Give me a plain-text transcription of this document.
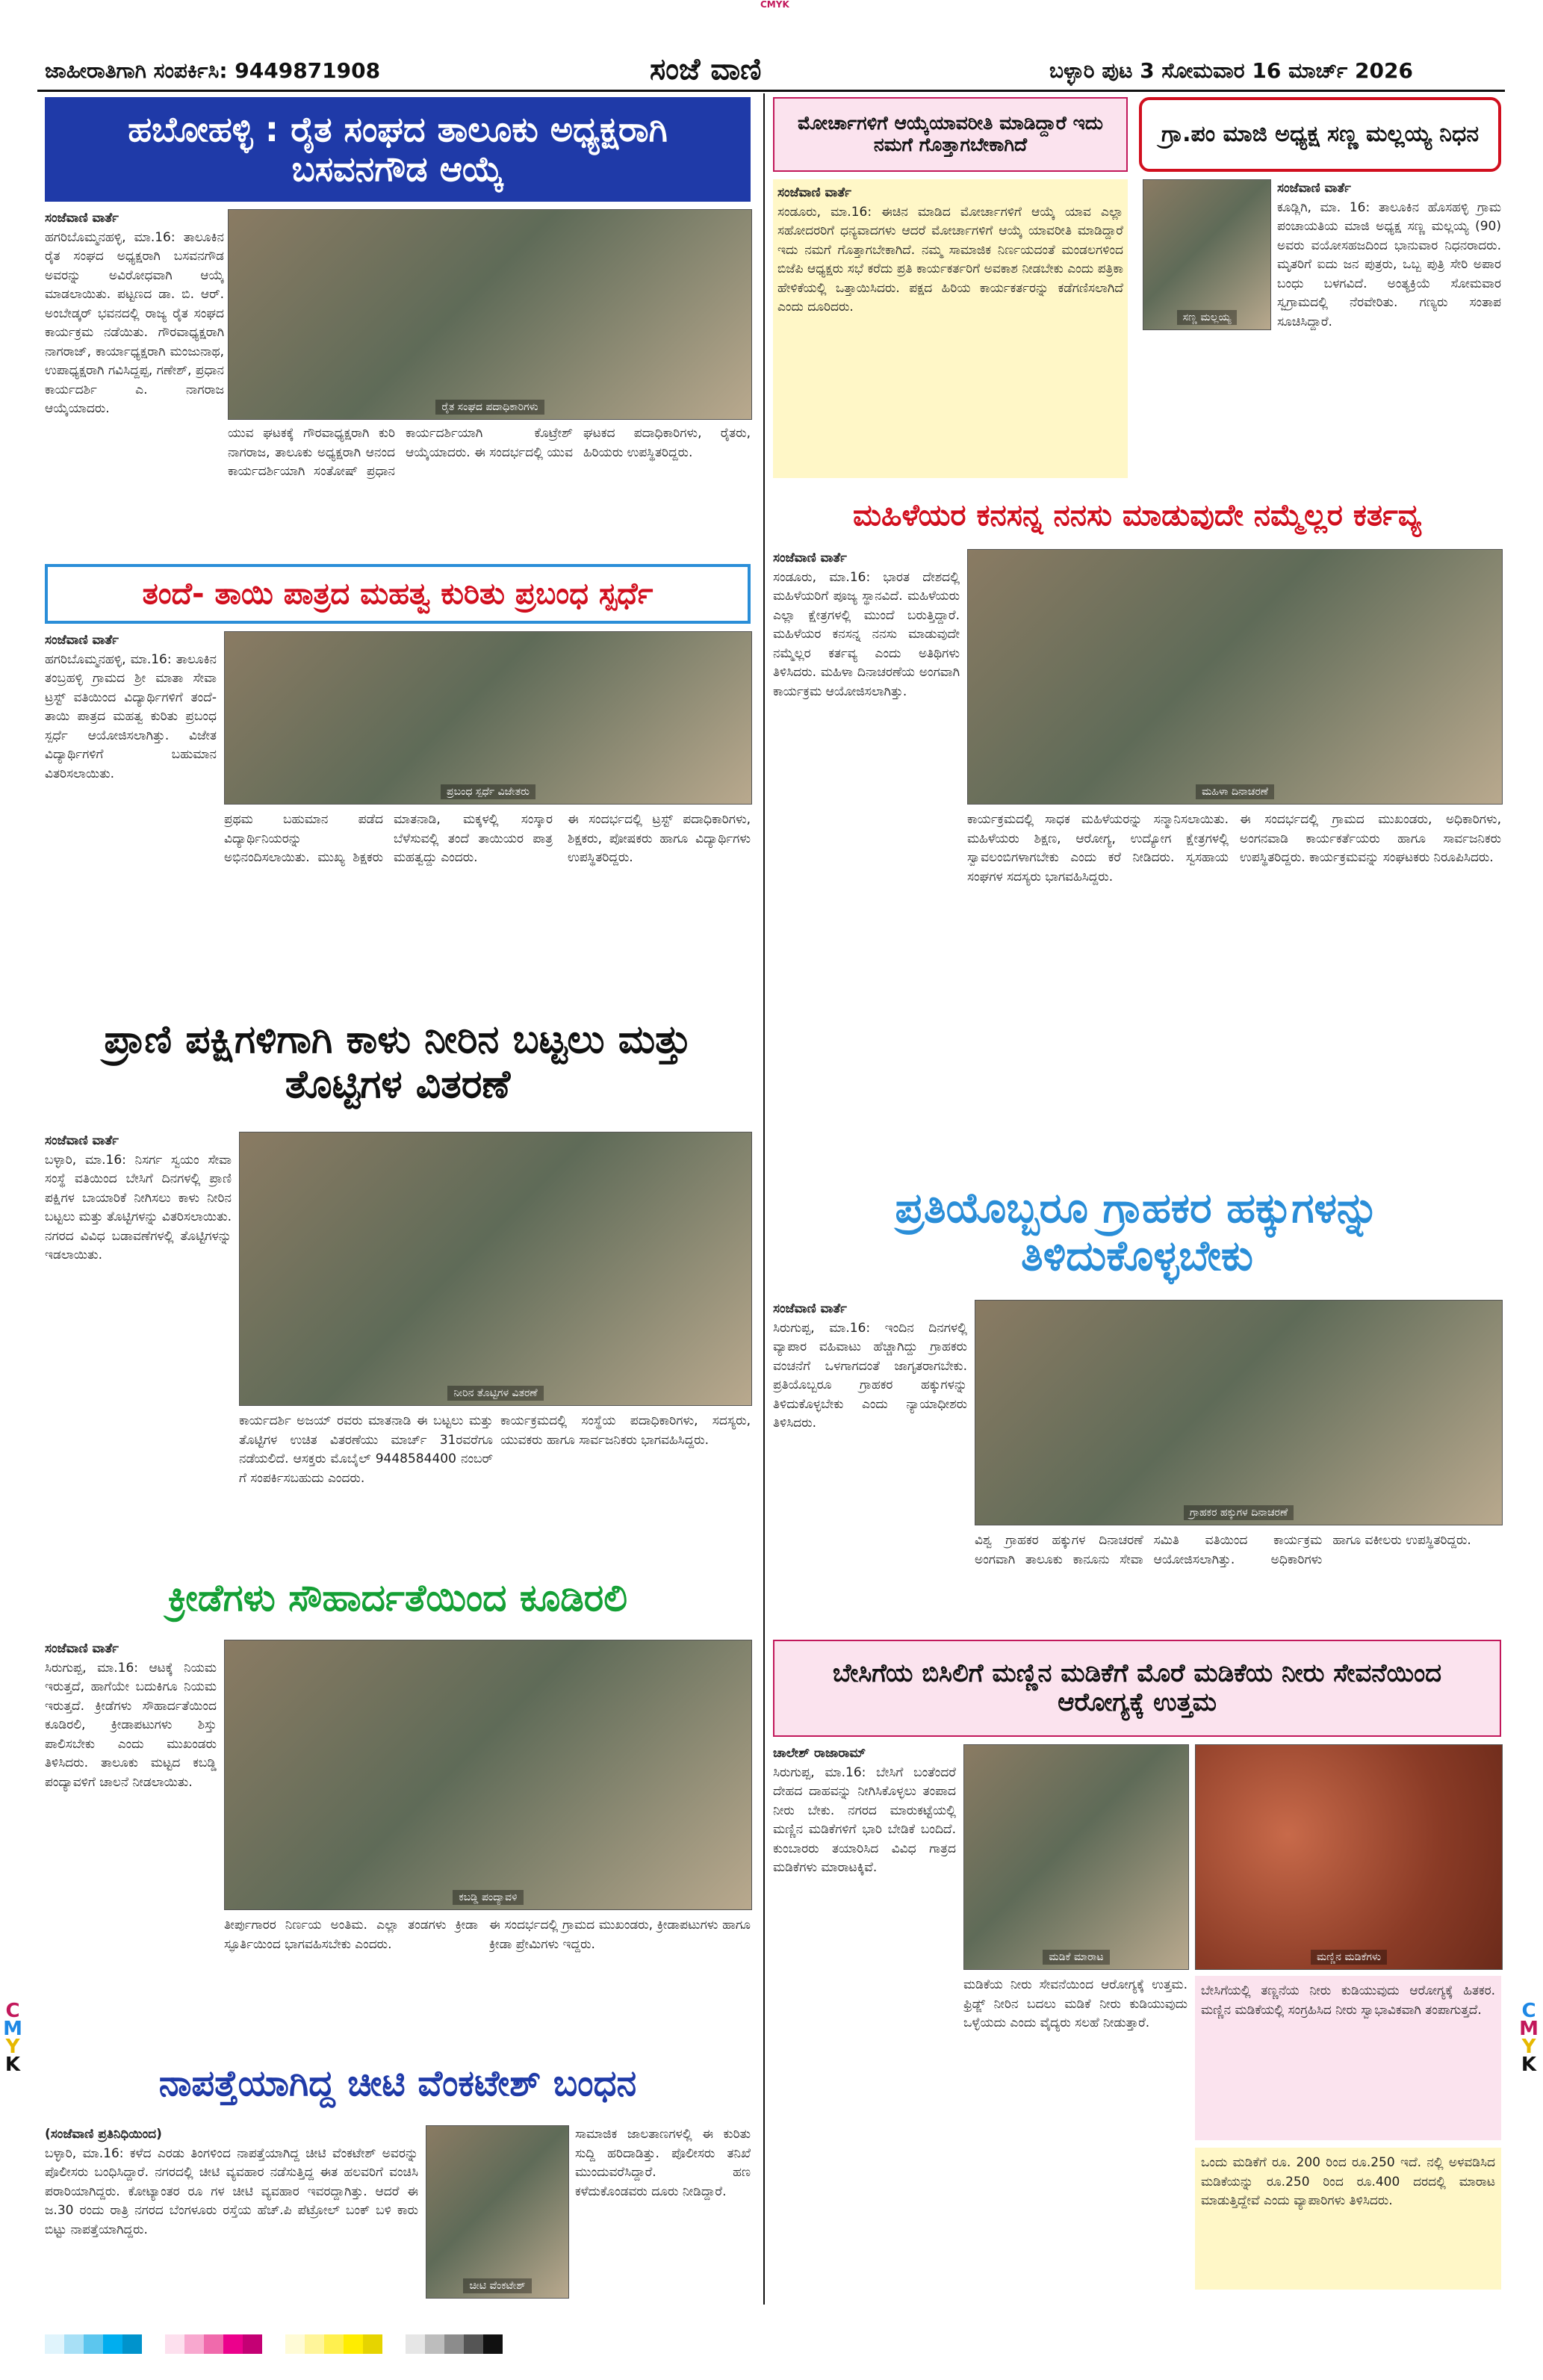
CMYK
C
M
Y
K
C
M
Y
K
ಜಾಹೀರಾತಿಗಾಗಿ ಸಂಪರ್ಕಿಸಿ: 9449871908	ಸಂಜೆ ವಾಣಿ	ಬಳ್ಳಾರಿ ಪುಟ 3 ಸೋಮವಾರ 16 ಮಾರ್ಚ್ 2026
ಹಬೋಹಳ್ಳಿ : ರೈತ ಸಂಘದ ತಾಲೂಕು ಅಧ್ಯಕ್ಷರಾಗಿ ಬಸವನಗೌಡ ಆಯ್ಕೆ
ಸಂಜೆವಾಣಿ ವಾರ್ತೆ
ಹಗರಿಬೊಮ್ಮನಹಳ್ಳಿ, ಮಾ.16: ತಾಲೂಕಿನ ರೈತ ಸಂಘದ ಅಧ್ಯಕ್ಷರಾಗಿ ಬಸವನಗೌಡ ಅವರನ್ನು ಅವಿರೋಧವಾಗಿ ಆಯ್ಕೆ ಮಾಡಲಾಯಿತು. ಪಟ್ಟಣದ ಡಾ. ಬಿ. ಆರ್. ಅಂಬೇಡ್ಕರ್ ಭವನದಲ್ಲಿ ರಾಜ್ಯ ರೈತ ಸಂಘದ ಕಾರ್ಯಕ್ರಮ ನಡೆಯಿತು. ಗೌರವಾಧ್ಯಕ್ಷರಾಗಿ ನಾಗರಾಜ್, ಕಾರ್ಯಾಧ್ಯಕ್ಷರಾಗಿ ಮಂಜುನಾಥ, ಉಪಾಧ್ಯಕ್ಷರಾಗಿ ಗವಿಸಿದ್ದಪ್ಪ, ಗಣೇಶ್, ಪ್ರಧಾನ ಕಾರ್ಯದರ್ಶಿ ಎ. ನಾಗರಾಜ ಆಯ್ಕೆಯಾದರು.	ರೈತ ಸಂಘದ ಪದಾಧಿಕಾರಿಗಳು
ಯುವ ಘಟಕಕ್ಕೆ ಗೌರವಾಧ್ಯಕ್ಷರಾಗಿ ಕುರಿ ನಾಗರಾಜ, ತಾಲೂಕು ಅಧ್ಯಕ್ಷರಾಗಿ ಆನಂದ ಕಾರ್ಯದರ್ಶಿಯಾಗಿ ಸಂತೋಷ್ ಪ್ರಧಾನ ಕಾರ್ಯದರ್ಶಿಯಾಗಿ ಕೊಟ್ರೇಶ್ ಆಯ್ಕೆಯಾದರು. ಈ ಸಂದರ್ಭದಲ್ಲಿ ಯುವ ಘಟಕದ ಪದಾಧಿಕಾರಿಗಳು, ರೈತರು, ಹಿರಿಯರು ಉಪಸ್ಥಿತರಿದ್ದರು.
ಮೋರ್ಚಾಗಳಿಗೆ ಆಯ್ಕೆಯಾವರೀತಿ ಮಾಡಿದ್ದಾರೆ ಇದು ನಮಗೆ ಗೊತ್ತಾಗಬೇಕಾಗಿದೆ
ಸಂಜೆವಾಣಿ ವಾರ್ತೆ
ಸಂಡೂರು, ಮಾ.16: ಈಚಿನ ಮಾಡಿದ ಮೋರ್ಚಾಗಳಿಗೆ ಆಯ್ಕೆ ಯಾವ ಎಲ್ಲಾ ಸಹೋದರರಿಗೆ ಧನ್ಯವಾದಗಳು ಆದರೆ ಮೋರ್ಚಾಗಳಿಗೆ ಆಯ್ಕೆ ಯಾವರೀತಿ ಮಾಡಿದ್ದಾರೆ ಇದು ನಮಗೆ ಗೊತ್ತಾಗಬೇಕಾಗಿದೆ. ನಮ್ಮ ಸಾಮಾಜಿಕ ನಿರ್ಣಯದಂತೆ ಮಂಡಲಗಳಿಂದ ಬಿಜೆಪಿ ಆಧ್ಯಕ್ಷರು ಸಭೆ ಕರೆದು ಪ್ರತಿ ಕಾರ್ಯಕರ್ತರಿಗೆ ಅವಕಾಶ ನೀಡಬೇಕು ಎಂದು ಪತ್ರಿಕಾ ಹೇಳಿಕೆಯಲ್ಲಿ ಒತ್ತಾಯಿಸಿದರು. ಪಕ್ಷದ ಹಿರಿಯ ಕಾರ್ಯಕರ್ತರನ್ನು ಕಡೆಗಣಿಸಲಾಗಿದೆ ಎಂದು ದೂರಿದರು.
ಗ್ರಾ.ಪಂ ಮಾಜಿ ಅಧ್ಯಕ್ಷ ಸಣ್ಣ ಮಲ್ಲಯ್ಯ ನಿಧನ
ಸಣ್ಣ ಮಲ್ಲಯ್ಯ
ಸಂಜೆವಾಣಿ ವಾರ್ತೆ
ಕೂಡ್ಲಿಗಿ, ಮಾ. 16: ತಾಲೂಕಿನ ಹೊಸಹಳ್ಳಿ ಗ್ರಾಮ ಪಂಚಾಯತಿಯ ಮಾಜಿ ಅಧ್ಯಕ್ಷ ಸಣ್ಣ ಮಲ್ಲಯ್ಯ (90) ಅವರು ವಯೋಸಹಜದಿಂದ ಭಾನುವಾರ ನಿಧನರಾದರು. ಮೃತರಿಗೆ ಐದು ಜನ ಪುತ್ರರು, ಒಬ್ಬ ಪುತ್ರಿ ಸೇರಿ ಅಪಾರ ಬಂಧು ಬಳಗವಿದೆ. ಅಂತ್ಯಕ್ರಿಯೆ ಸೋಮವಾರ ಸ್ವಗ್ರಾಮದಲ್ಲಿ ನೆರವೇರಿತು. ಗಣ್ಯರು ಸಂತಾಪ ಸೂಚಿಸಿದ್ದಾರೆ.
ಮಹಿಳೆಯರ ಕನಸನ್ನ ನನಸು ಮಾಡುವುದೇ ನಮ್ಮೆಲ್ಲರ ಕರ್ತವ್ಯ
ಸಂಜೆವಾಣಿ ವಾರ್ತೆ
ಸಂಡೂರು, ಮಾ.16: ಭಾರತ ದೇಶದಲ್ಲಿ ಮಹಿಳೆಯರಿಗೆ ಪೂಜ್ಯ ಸ್ಥಾನವಿದೆ. ಮಹಿಳೆಯರು ಎಲ್ಲಾ ಕ್ಷೇತ್ರಗಳಲ್ಲಿ ಮುಂದೆ ಬರುತ್ತಿದ್ದಾರೆ. ಮಹಿಳೆಯರ ಕನಸನ್ನ ನನಸು ಮಾಡುವುದೇ ನಮ್ಮೆಲ್ಲರ ಕರ್ತವ್ಯ ಎಂದು ಅತಿಥಿಗಳು ತಿಳಿಸಿದರು. ಮಹಿಳಾ ದಿನಾಚರಣೆಯ ಅಂಗವಾಗಿ ಕಾರ್ಯಕ್ರಮ ಆಯೋಜಿಸಲಾಗಿತ್ತು.
ಮಹಿಳಾ ದಿನಾಚರಣೆ
ಕಾರ್ಯಕ್ರಮದಲ್ಲಿ ಸಾಧಕ ಮಹಿಳೆಯರನ್ನು ಸನ್ಮಾನಿಸಲಾಯಿತು. ಮಹಿಳೆಯರು ಶಿಕ್ಷಣ, ಆರೋಗ್ಯ, ಉದ್ಯೋಗ ಕ್ಷೇತ್ರಗಳಲ್ಲಿ ಸ್ವಾವಲಂಬಿಗಳಾಗಬೇಕು ಎಂದು ಕರೆ ನೀಡಿದರು. ಸ್ವಸಹಾಯ ಸಂಘಗಳ ಸದಸ್ಯರು ಭಾಗವಹಿಸಿದ್ದರು.
ಈ ಸಂದರ್ಭದಲ್ಲಿ ಗ್ರಾಮದ ಮುಖಂಡರು, ಅಧಿಕಾರಿಗಳು, ಅಂಗನವಾಡಿ ಕಾರ್ಯಕರ್ತೆಯರು ಹಾಗೂ ಸಾರ್ವಜನಿಕರು ಉಪಸ್ಥಿತರಿದ್ದರು. ಕಾರ್ಯಕ್ರಮವನ್ನು ಸಂಘಟಕರು ನಿರೂಪಿಸಿದರು.
ತಂದೆ- ತಾಯಿ ಪಾತ್ರದ ಮಹತ್ವ ಕುರಿತು ಪ್ರಬಂಧ ಸ್ಪರ್ಧೆ
ಸಂಜೆವಾಣಿ ವಾರ್ತೆ
ಹಗರಿಬೊಮ್ಮನಹಳ್ಳಿ, ಮಾ.16: ತಾಲೂಕಿನ ತಂಬ್ರಹಳ್ಳಿ ಗ್ರಾಮದ ಶ್ರೀ ಮಾತಾ ಸೇವಾ ಟ್ರಸ್ಟ್ ವತಿಯಿಂದ ವಿದ್ಯಾರ್ಥಿಗಳಿಗೆ ತಂದೆ- ತಾಯಿ ಪಾತ್ರದ ಮಹತ್ವ ಕುರಿತು ಪ್ರಬಂಧ ಸ್ಪರ್ಧೆ ಆಯೋಜಿಸಲಾಗಿತ್ತು. ವಿಜೇತ ವಿದ್ಯಾರ್ಥಿಗಳಿಗೆ ಬಹುಮಾನ ವಿತರಿಸಲಾಯಿತು.
ಪ್ರಬಂಧ ಸ್ಪರ್ಧೆ ವಿಜೇತರು
ಪ್ರಥಮ ಬಹುಮಾನ ಪಡೆದ ವಿದ್ಯಾರ್ಥಿನಿಯರನ್ನು ಅಭಿನಂದಿಸಲಾಯಿತು. ಮುಖ್ಯ ಶಿಕ್ಷಕರು ಮಾತನಾಡಿ, ಮಕ್ಕಳಲ್ಲಿ ಸಂಸ್ಕಾರ ಬೆಳೆಸುವಲ್ಲಿ ತಂದೆ ತಾಯಿಯರ ಪಾತ್ರ ಮಹತ್ವದ್ದು ಎಂದರು.
ಈ ಸಂದರ್ಭದಲ್ಲಿ ಟ್ರಸ್ಟ್ ಪದಾಧಿಕಾರಿಗಳು, ಶಿಕ್ಷಕರು, ಪೋಷಕರು ಹಾಗೂ ವಿದ್ಯಾರ್ಥಿಗಳು ಉಪಸ್ಥಿತರಿದ್ದರು.
ಪ್ರಾಣಿ ಪಕ್ಷಿಗಳಿಗಾಗಿ ಕಾಳು ನೀರಿನ ಬಟ್ಟಲು ಮತ್ತು ತೊಟ್ಟಿಗಳ ವಿತರಣೆ
ಸಂಜೆವಾಣಿ ವಾರ್ತೆ
ಬಳ್ಳಾರಿ, ಮಾ.16: ನಿಸರ್ಗ ಸ್ವಯಂ ಸೇವಾ ಸಂಸ್ಥೆ ವತಿಯಿಂದ ಬೇಸಿಗೆ ದಿನಗಳಲ್ಲಿ ಪ್ರಾಣಿ ಪಕ್ಷಿಗಳ ಬಾಯಾರಿಕೆ ನೀಗಿಸಲು ಕಾಳು ನೀರಿನ ಬಟ್ಟಲು ಮತ್ತು ತೊಟ್ಟಿಗಳನ್ನು ವಿತರಿಸಲಾಯಿತು. ನಗರದ ವಿವಿಧ ಬಡಾವಣೆಗಳಲ್ಲಿ ತೊಟ್ಟಿಗಳನ್ನು ಇಡಲಾಯಿತು.
ನೀರಿನ ತೊಟ್ಟಿಗಳ ವಿತರಣೆ
ಕಾರ್ಯದರ್ಶಿ ಅಜಯ್ ರವರು ಮಾತನಾಡಿ ಈ ಬಟ್ಟಲು ಮತ್ತು ತೊಟ್ಟಿಗಳ ಉಚಿತ ವಿತರಣೆಯು ಮಾರ್ಚ್ 31ರವರೆಗೂ ನಡೆಯಲಿದೆ. ಆಸಕ್ತರು ಮೊಬೈಲ್ 9448584400 ನಂಬರ್ ಗೆ ಸಂಪರ್ಕಿಸಬಹುದು ಎಂದರು.
ಕಾರ್ಯಕ್ರಮದಲ್ಲಿ ಸಂಸ್ಥೆಯ ಪದಾಧಿಕಾರಿಗಳು, ಸದಸ್ಯರು, ಯುವಕರು ಹಾಗೂ ಸಾರ್ವಜನಿಕರು ಭಾಗವಹಿಸಿದ್ದರು.
ಪ್ರತಿಯೊಬ್ಬರೂ ಗ್ರಾಹಕರ ಹಕ್ಕುಗಳನ್ನು ತಿಳಿದುಕೊಳ್ಳಬೇಕು
ಸಂಜೆವಾಣಿ ವಾರ್ತೆ
ಸಿರುಗುಪ್ಪ, ಮಾ.16: ಇಂದಿನ ದಿನಗಳಲ್ಲಿ ವ್ಯಾಪಾರ ವಹಿವಾಟು ಹೆಚ್ಚಾಗಿದ್ದು ಗ್ರಾಹಕರು ವಂಚನೆಗೆ ಒಳಗಾಗದಂತೆ ಜಾಗೃತರಾಗಬೇಕು. ಪ್ರತಿಯೊಬ್ಬರೂ ಗ್ರಾಹಕರ ಹಕ್ಕುಗಳನ್ನು ತಿಳಿದುಕೊಳ್ಳಬೇಕು ಎಂದು ನ್ಯಾಯಾಧೀಶರು ತಿಳಿಸಿದರು.
ಗ್ರಾಹಕರ ಹಕ್ಕುಗಳ ದಿನಾಚರಣೆ
ವಿಶ್ವ ಗ್ರಾಹಕರ ಹಕ್ಕುಗಳ ದಿನಾಚರಣೆ ಅಂಗವಾಗಿ ತಾಲೂಕು ಕಾನೂನು ಸೇವಾ ಸಮಿತಿ ವತಿಯಿಂದ ಕಾರ್ಯಕ್ರಮ ಆಯೋಜಿಸಲಾಗಿತ್ತು. ಅಧಿಕಾರಿಗಳು ಹಾಗೂ ವಕೀಲರು ಉಪಸ್ಥಿತರಿದ್ದರು.
ಕ್ರೀಡೆಗಳು ಸೌಹಾರ್ದತೆಯಿಂದ ಕೂಡಿರಲಿ
ಸಂಜೆವಾಣಿ ವಾರ್ತೆ
ಸಿರುಗುಪ್ಪ, ಮಾ.16: ಆಟಕ್ಕೆ ನಿಯಮ ಇರುತ್ತದೆ, ಹಾಗೆಯೇ ಬದುಕಿಗೂ ನಿಯಮ ಇರುತ್ತದೆ. ಕ್ರೀಡೆಗಳು ಸೌಹಾರ್ದತೆಯಿಂದ ಕೂಡಿರಲಿ, ಕ್ರೀಡಾಪಟುಗಳು ಶಿಸ್ತು ಪಾಲಿಸಬೇಕು ಎಂದು ಮುಖಂಡರು ತಿಳಿಸಿದರು. ತಾಲೂಕು ಮಟ್ಟದ ಕಬಡ್ಡಿ ಪಂದ್ಯಾವಳಿಗೆ ಚಾಲನೆ ನೀಡಲಾಯಿತು.
ಕಬಡ್ಡಿ ಪಂದ್ಯಾವಳಿ
ತೀರ್ಪುಗಾರರ ನಿರ್ಣಯ ಅಂತಿಮ. ಎಲ್ಲಾ ತಂಡಗಳು ಕ್ರೀಡಾ ಸ್ಫೂರ್ತಿಯಿಂದ ಭಾಗವಹಿಸಬೇಕು ಎಂದರು.
ಈ ಸಂದರ್ಭದಲ್ಲಿ ಗ್ರಾಮದ ಮುಖಂಡರು, ಕ್ರೀಡಾಪಟುಗಳು ಹಾಗೂ ಕ್ರೀಡಾ ಪ್ರೇಮಿಗಳು ಇದ್ದರು.
ಬೇಸಿಗೆಯ ಬಿಸಿಲಿಗೆ ಮಣ್ಣಿನ ಮಡಿಕೆಗೆ ಮೊರೆ ಮಡಿಕೆಯ ನೀರು ಸೇವನೆಯಿಂದ ಆರೋಗ್ಯಕ್ಕೆ ಉತ್ತಮ
ಚಾಲೇಶ್ ರಾಜಾರಾಮ್
ಸಿರುಗುಪ್ಪ, ಮಾ.16: ಬೇಸಿಗೆ ಬಂತೆಂದರೆ ದೇಹದ ದಾಹವನ್ನು ನೀಗಿಸಿಕೊಳ್ಳಲು ತಂಪಾದ ನೀರು ಬೇಕು. ನಗರದ ಮಾರುಕಟ್ಟೆಯಲ್ಲಿ ಮಣ್ಣಿನ ಮಡಿಕೆಗಳಿಗೆ ಭಾರಿ ಬೇಡಿಕೆ ಬಂದಿದೆ. ಕುಂಬಾರರು ತಯಾರಿಸಿದ ವಿವಿಧ ಗಾತ್ರದ ಮಡಿಕೆಗಳು ಮಾರಾಟಕ್ಕಿವೆ.
ಮಡಿಕೆ ಮಾರಾಟ	ಮಣ್ಣಿನ ಮಡಿಕೆಗಳು
ಮಡಿಕೆಯ ನೀರು ಸೇವನೆಯಿಂದ ಆರೋಗ್ಯಕ್ಕೆ ಉತ್ತಮ. ಫ್ರಿಡ್ಜ್ ನೀರಿನ ಬದಲು ಮಡಿಕೆ ನೀರು ಕುಡಿಯುವುದು ಒಳ್ಳೆಯದು ಎಂದು ವೈದ್ಯರು ಸಲಹೆ ನೀಡುತ್ತಾರೆ.
ಬೇಸಿಗೆಯಲ್ಲಿ ತಣ್ಣನೆಯ ನೀರು ಕುಡಿಯುವುದು ಆರೋಗ್ಯಕ್ಕೆ ಹಿತಕರ. ಮಣ್ಣಿನ ಮಡಿಕೆಯಲ್ಲಿ ಸಂಗ್ರಹಿಸಿದ ನೀರು ಸ್ವಾಭಾವಿಕವಾಗಿ ತಂಪಾಗುತ್ತದೆ.
ಒಂದು ಮಡಿಕೆಗೆ ರೂ. 200 ರಿಂದ ರೂ.250 ಇದೆ. ನಲ್ಲಿ ಅಳವಡಿಸಿದ ಮಡಿಕೆಯನ್ನು ರೂ.250 ರಿಂದ ರೂ.400 ದರದಲ್ಲಿ ಮಾರಾಟ ಮಾಡುತ್ತಿದ್ದೇವೆ ಎಂದು ವ್ಯಾಪಾರಿಗಳು ತಿಳಿಸಿದರು.
ನಾಪತ್ತೆಯಾಗಿದ್ದ ಚೀಟಿ ವೆಂಕಟೇಶ್ ಬಂಧನ
(ಸಂಜೆವಾಣಿ ಪ್ರತಿನಿಧಿಯಿಂದ)
ಬಳ್ಳಾರಿ, ಮಾ.16: ಕಳೆದ ಎರಡು ತಿಂಗಳಿಂದ ನಾಪತ್ತೆಯಾಗಿದ್ದ ಚೀಟಿ ವೆಂಕಟೇಶ್ ಅವರನ್ನು ಪೊಲೀಸರು ಬಂಧಿಸಿದ್ದಾರೆ. ನಗರದಲ್ಲಿ ಚೀಟಿ ವ್ಯವಹಾರ ನಡೆಸುತ್ತಿದ್ದ ಈತ ಹಲವರಿಗೆ ವಂಚಿಸಿ ಪರಾರಿಯಾಗಿದ್ದರು. ಕೋಟ್ಯಾಂತರ ರೂ ಗಳ ಚೀಟಿ ವ್ಯವಹಾರ ಇವರದ್ದಾಗಿತ್ತು. ಆದರೆ ಈ ಜ.30 ರಂದು ರಾತ್ರಿ ನಗರದ ಬೆಂಗಳೂರು ರಸ್ತೆಯ ಹೆಚ್.ಪಿ ಪೆಟ್ರೋಲ್ ಬಂಕ್ ಬಳಿ ಕಾರು ಬಿಟ್ಟು ನಾಪತ್ತೆಯಾಗಿದ್ದರು.
ಚೀಟಿ ವೆಂಕಟೇಶ್
ಸಾಮಾಜಿಕ ಜಾಲತಾಣಗಳಲ್ಲಿ ಈ ಕುರಿತು ಸುದ್ದಿ ಹರಿದಾಡಿತ್ತು. ಪೊಲೀಸರು ತನಿಖೆ ಮುಂದುವರೆಸಿದ್ದಾರೆ. ಹಣ ಕಳೆದುಕೊಂಡವರು ದೂರು ನೀಡಿದ್ದಾರೆ.
